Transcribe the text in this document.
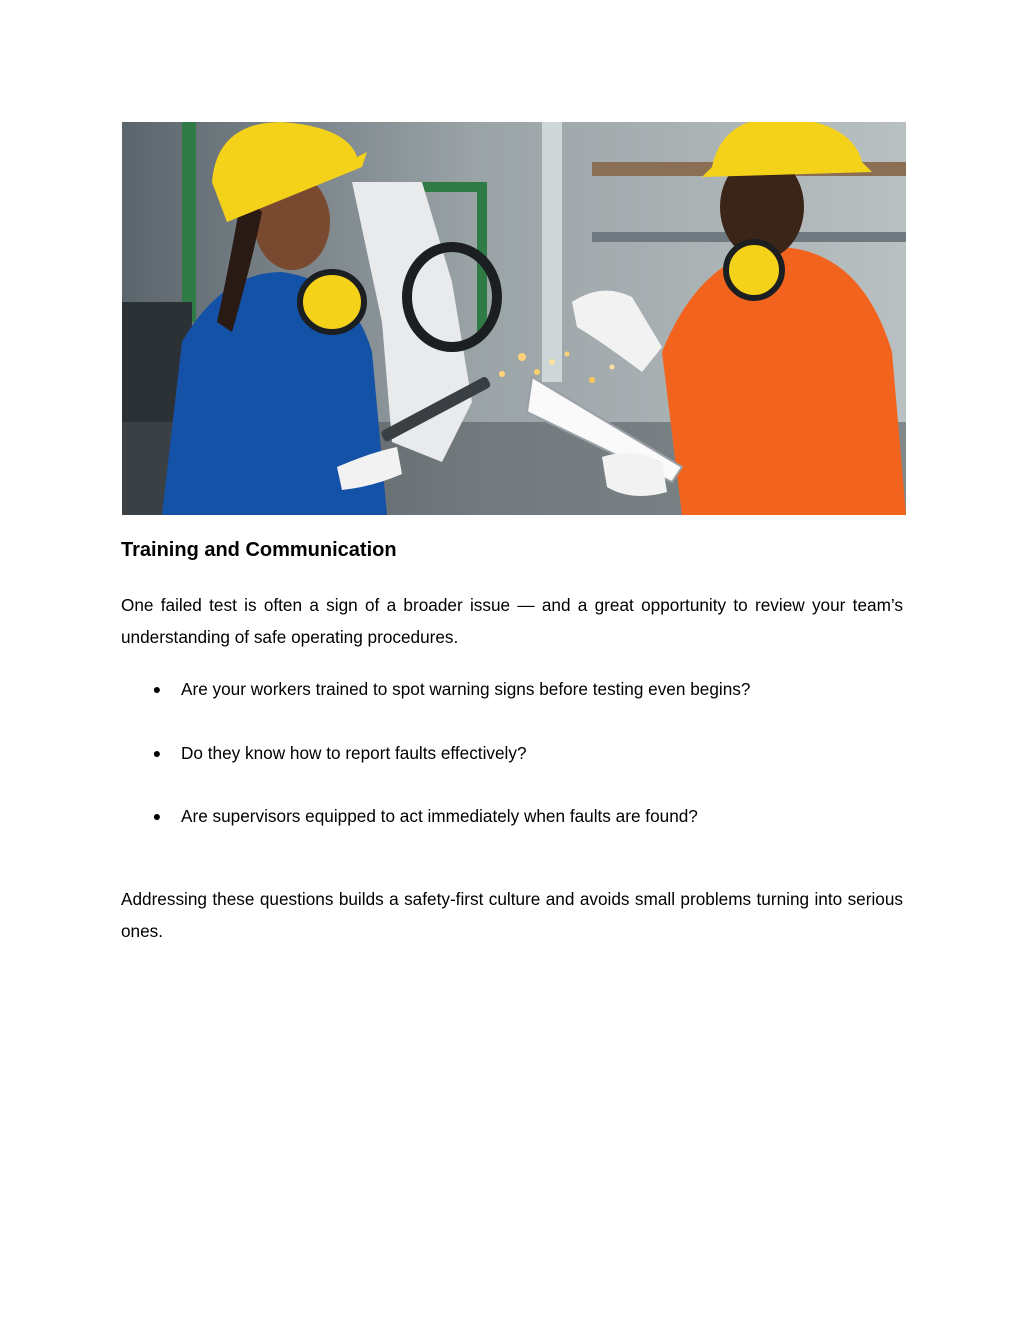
Training and Communication

One failed test is often a sign of a broader issue — and a great opportunity to review your team’s understanding of safe operating procedures.

● Are your workers trained to spot warning signs before testing even begins?
● Do they know how to report faults effectively?
● Are supervisors equipped to act immediately when faults are found?

Addressing these questions builds a safety-first culture and avoids small problems turning into serious ones.
